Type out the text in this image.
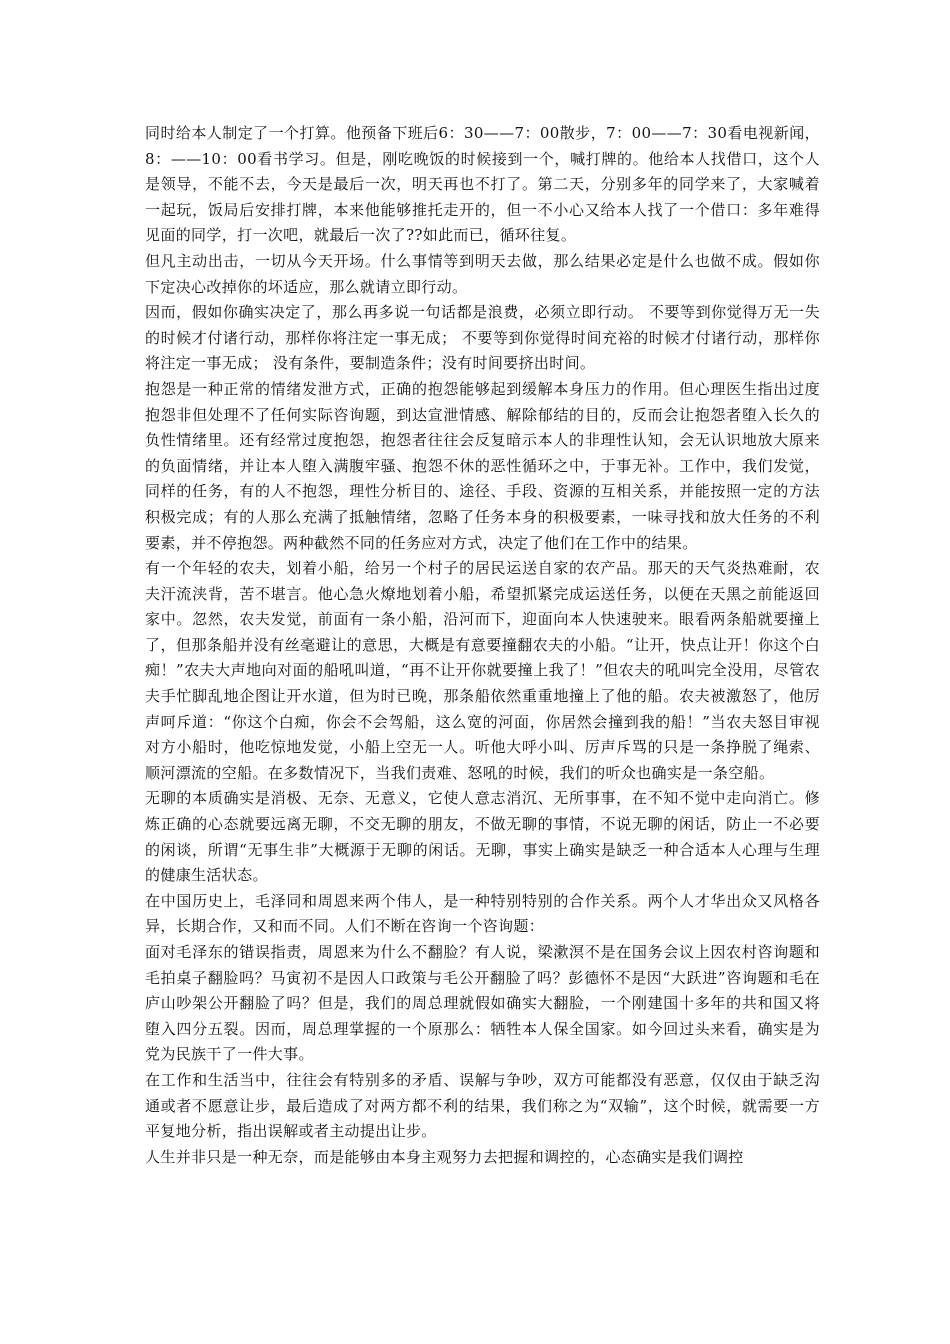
同时给本人制定了一个打算。他预备下班后6：30——7：00散步，7：00——7：30看电视新闻，8：——10：00看书学习。但是，刚吃晚饭的时候接到一个，喊打牌的。他给本人找借口，这个人是领导，不能不去，今天是最后一次，明天再也不打了。第二天，分别多年的同学来了，大家喊着一起玩，饭局后安排打牌，本来他能够推托走开的，但一不小心又给本人找了一个借口：多年难得见面的同学，打一次吧，就最后一次了??如此而已，循环往复。

但凡主动出击，一切从今天开场。什么事情等到明天去做，那么结果必定是什么也做不成。假如你下定决心改掉你的坏适应，那么就请立即行动。

因而，假如你确实决定了，那么再多说一句话都是浪费，必须立即行动。 不要等到你觉得万无一失的时候才付诸行动，那样你将注定一事无成； 不要等到你觉得时间充裕的时候才付诸行动，那样你将注定一事无成； 没有条件，要制造条件；没有时间要挤出时间。

抱怨是一种正常的情绪发泄方式，正确的抱怨能够起到缓解本身压力的作用。但心理医生指出过度抱怨非但处理不了任何实际咨询题，到达宣泄情感、解除郁结的目的，反而会让抱怨者堕入长久的负性情绪里。还有经常过度抱怨，抱怨者往往会反复暗示本人的非理性认知，会无认识地放大原来的负面情绪，并让本人堕入满腹牢骚、抱怨不休的恶性循环之中，于事无补。工作中，我们发觉，同样的任务，有的人不抱怨，理性分析目的、途径、手段、资源的互相关系，并能按照一定的方法积极完成；有的人那么充满了抵触情绪，忽略了任务本身的积极要素，一味寻找和放大任务的不利要素，并不停抱怨。两种截然不同的任务应对方式，决定了他们在工作中的结果。

有一个年轻的农夫，划着小船，给另一个村子的居民运送自家的农产品。那天的天气炎热难耐，农夫汗流浃背，苦不堪言。他心急火燎地划着小船，希望抓紧完成运送任务，以便在天黑之前能返回家中。忽然，农夫发觉，前面有一条小船，沿河而下，迎面向本人快速驶来。眼看两条船就要撞上了，但那条船并没有丝毫避让的意思，大概是有意要撞翻农夫的小船。“让开，快点让开！你这个白痴！”农夫大声地向对面的船吼叫道，“再不让开你就要撞上我了！”但农夫的吼叫完全没用，尽管农夫手忙脚乱地企图让开水道，但为时已晚，那条船依然重重地撞上了他的船。农夫被激怒了，他厉声呵斥道：“你这个白痴，你会不会驾船，这么宽的河面，你居然会撞到我的船！”当农夫怒目审视对方小船时，他吃惊地发觉，小船上空无一人。听他大呼小叫、厉声斥骂的只是一条挣脱了绳索、顺河漂流的空船。在多数情况下，当我们责难、怒吼的时候，我们的听众也确实是一条空船。

无聊的本质确实是消极、无奈、无意义，它使人意志消沉、无所事事，在不知不觉中走向消亡。修炼正确的心态就要远离无聊，不交无聊的朋友，不做无聊的事情，不说无聊的闲话，防止一不必要的闲谈，所谓“无事生非”大概源于无聊的闲话。无聊，事实上确实是缺乏一种合适本人心理与生理的健康生活状态。

在中国历史上，毛泽同和周恩来两个伟人，是一种特别特别的合作关系。两个人才华出众又风格各异，长期合作，又和而不同。人们不断在咨询一个咨询题：

面对毛泽东的错误指责，周恩来为什么不翻脸？有人说，梁漱溟不是在国务会议上因农村咨询题和毛拍桌子翻脸吗？马寅初不是因人口政策与毛公开翻脸了吗？彭德怀不是因“大跃进”咨询题和毛在庐山吵架公开翻脸了吗？但是，我们的周总理就假如确实大翻脸，一个刚建国十多年的共和国又将堕入四分五裂。因而，周总理掌握的一个原那么：牺牲本人保全国家。如今回过头来看，确实是为党为民族干了一件大事。

在工作和生活当中，往往会有特别多的矛盾、误解与争吵，双方可能都没有恶意，仅仅由于缺乏沟通或者不愿意让步，最后造成了对两方都不利的结果，我们称之为“双输”，这个时候，就需要一方平复地分析，指出误解或者主动提出让步。

人生并非只是一种无奈，而是能够由本身主观努力去把握和调控的，心态确实是我们调控
